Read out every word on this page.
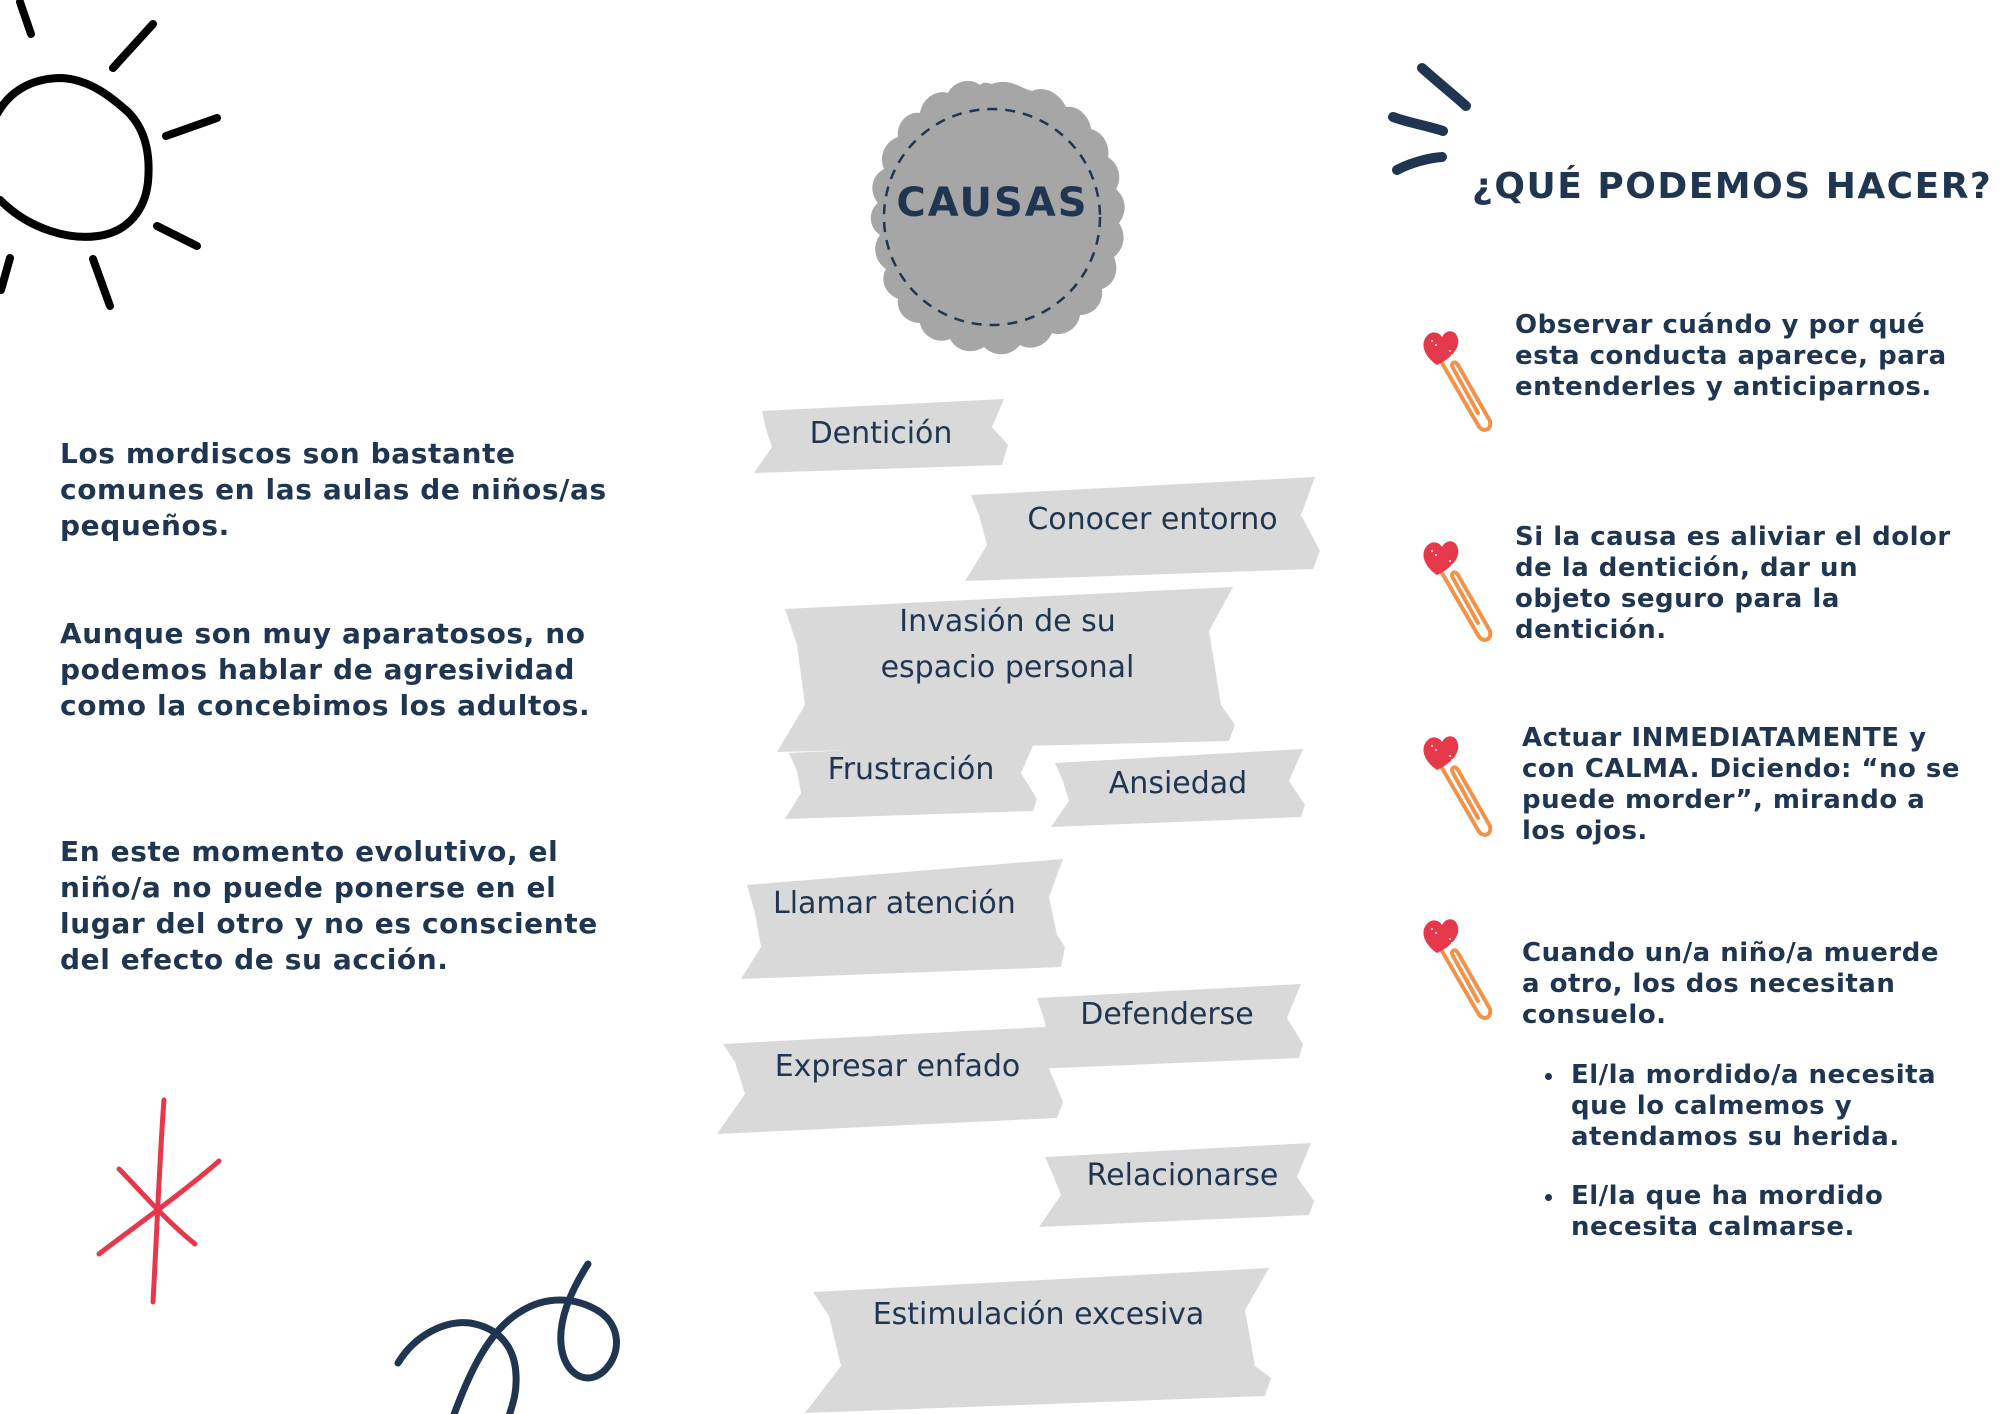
Los mordiscos son bastante comunes en las aulas de niños/as pequeños.
Aunque son muy aparatosos, no podemos hablar de agresividad como la concebimos los adultos.
En este momento evolutivo, el niño/a no puede ponerse en el lugar del otro y no es consciente del efecto de su acción.
CAUSAS
Dentición
Conocer entorno
Invasión de su
espacio personal
Frustración	Ansiedad
Llamar atención
Defenderse
Expresar enfado
Relacionarse
Estimulación excesiva
¿QUÉ PODEMOS HACER?
Observar cuándo y por qué esta conducta aparece, para entenderles y anticiparnos.
Si la causa es aliviar el dolor de la dentición, dar un objeto seguro para la dentición.
Actuar INMEDIATAMENTE y con CALMA. Diciendo: “no se puede morder”, mirando a los ojos.
Cuando un/a niño/a muerde a otro, los dos necesitan consuelo.
El/la mordido/a necesita que lo calmemos y atendamos su herida.
El/la que ha mordido necesita calmarse.
